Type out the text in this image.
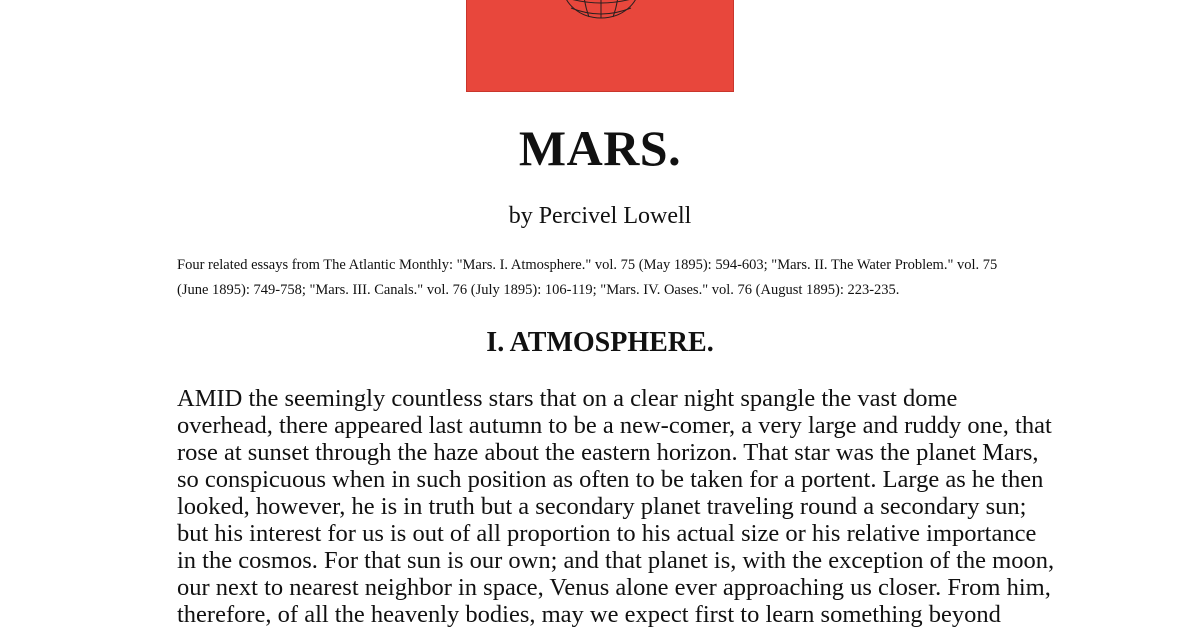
MARS.
by Percivel Lowell
Four related essays from The Atlantic Monthly: "Mars. I. Atmosphere." vol. 75 (May 1895): 594-603; "Mars. II. The Water Problem." vol. 75
(June 1895): 749-758; "Mars. III. Canals." vol. 76 (July 1895): 106-119; "Mars. IV. Oases." vol. 76 (August 1895): 223-235.
I. ATMOSPHERE.
AMID the seemingly countless stars that on a clear night spangle the vast dome
overhead, there appeared last autumn to be a new-comer, a very large and ruddy one, that
rose at sunset through the haze about the eastern horizon. That star was the planet Mars,
so conspicuous when in such position as often to be taken for a portent. Large as he then
looked, however, he is in truth but a secondary planet traveling round a secondary sun;
but his interest for us is out of all proportion to his actual size or his relative importance
in the cosmos. For that sun is our own; and that planet is, with the exception of the moon,
our next to nearest neighbor in space, Venus alone ever approaching us closer. From him,
therefore, of all the heavenly bodies, may we expect first to learn something beyond
